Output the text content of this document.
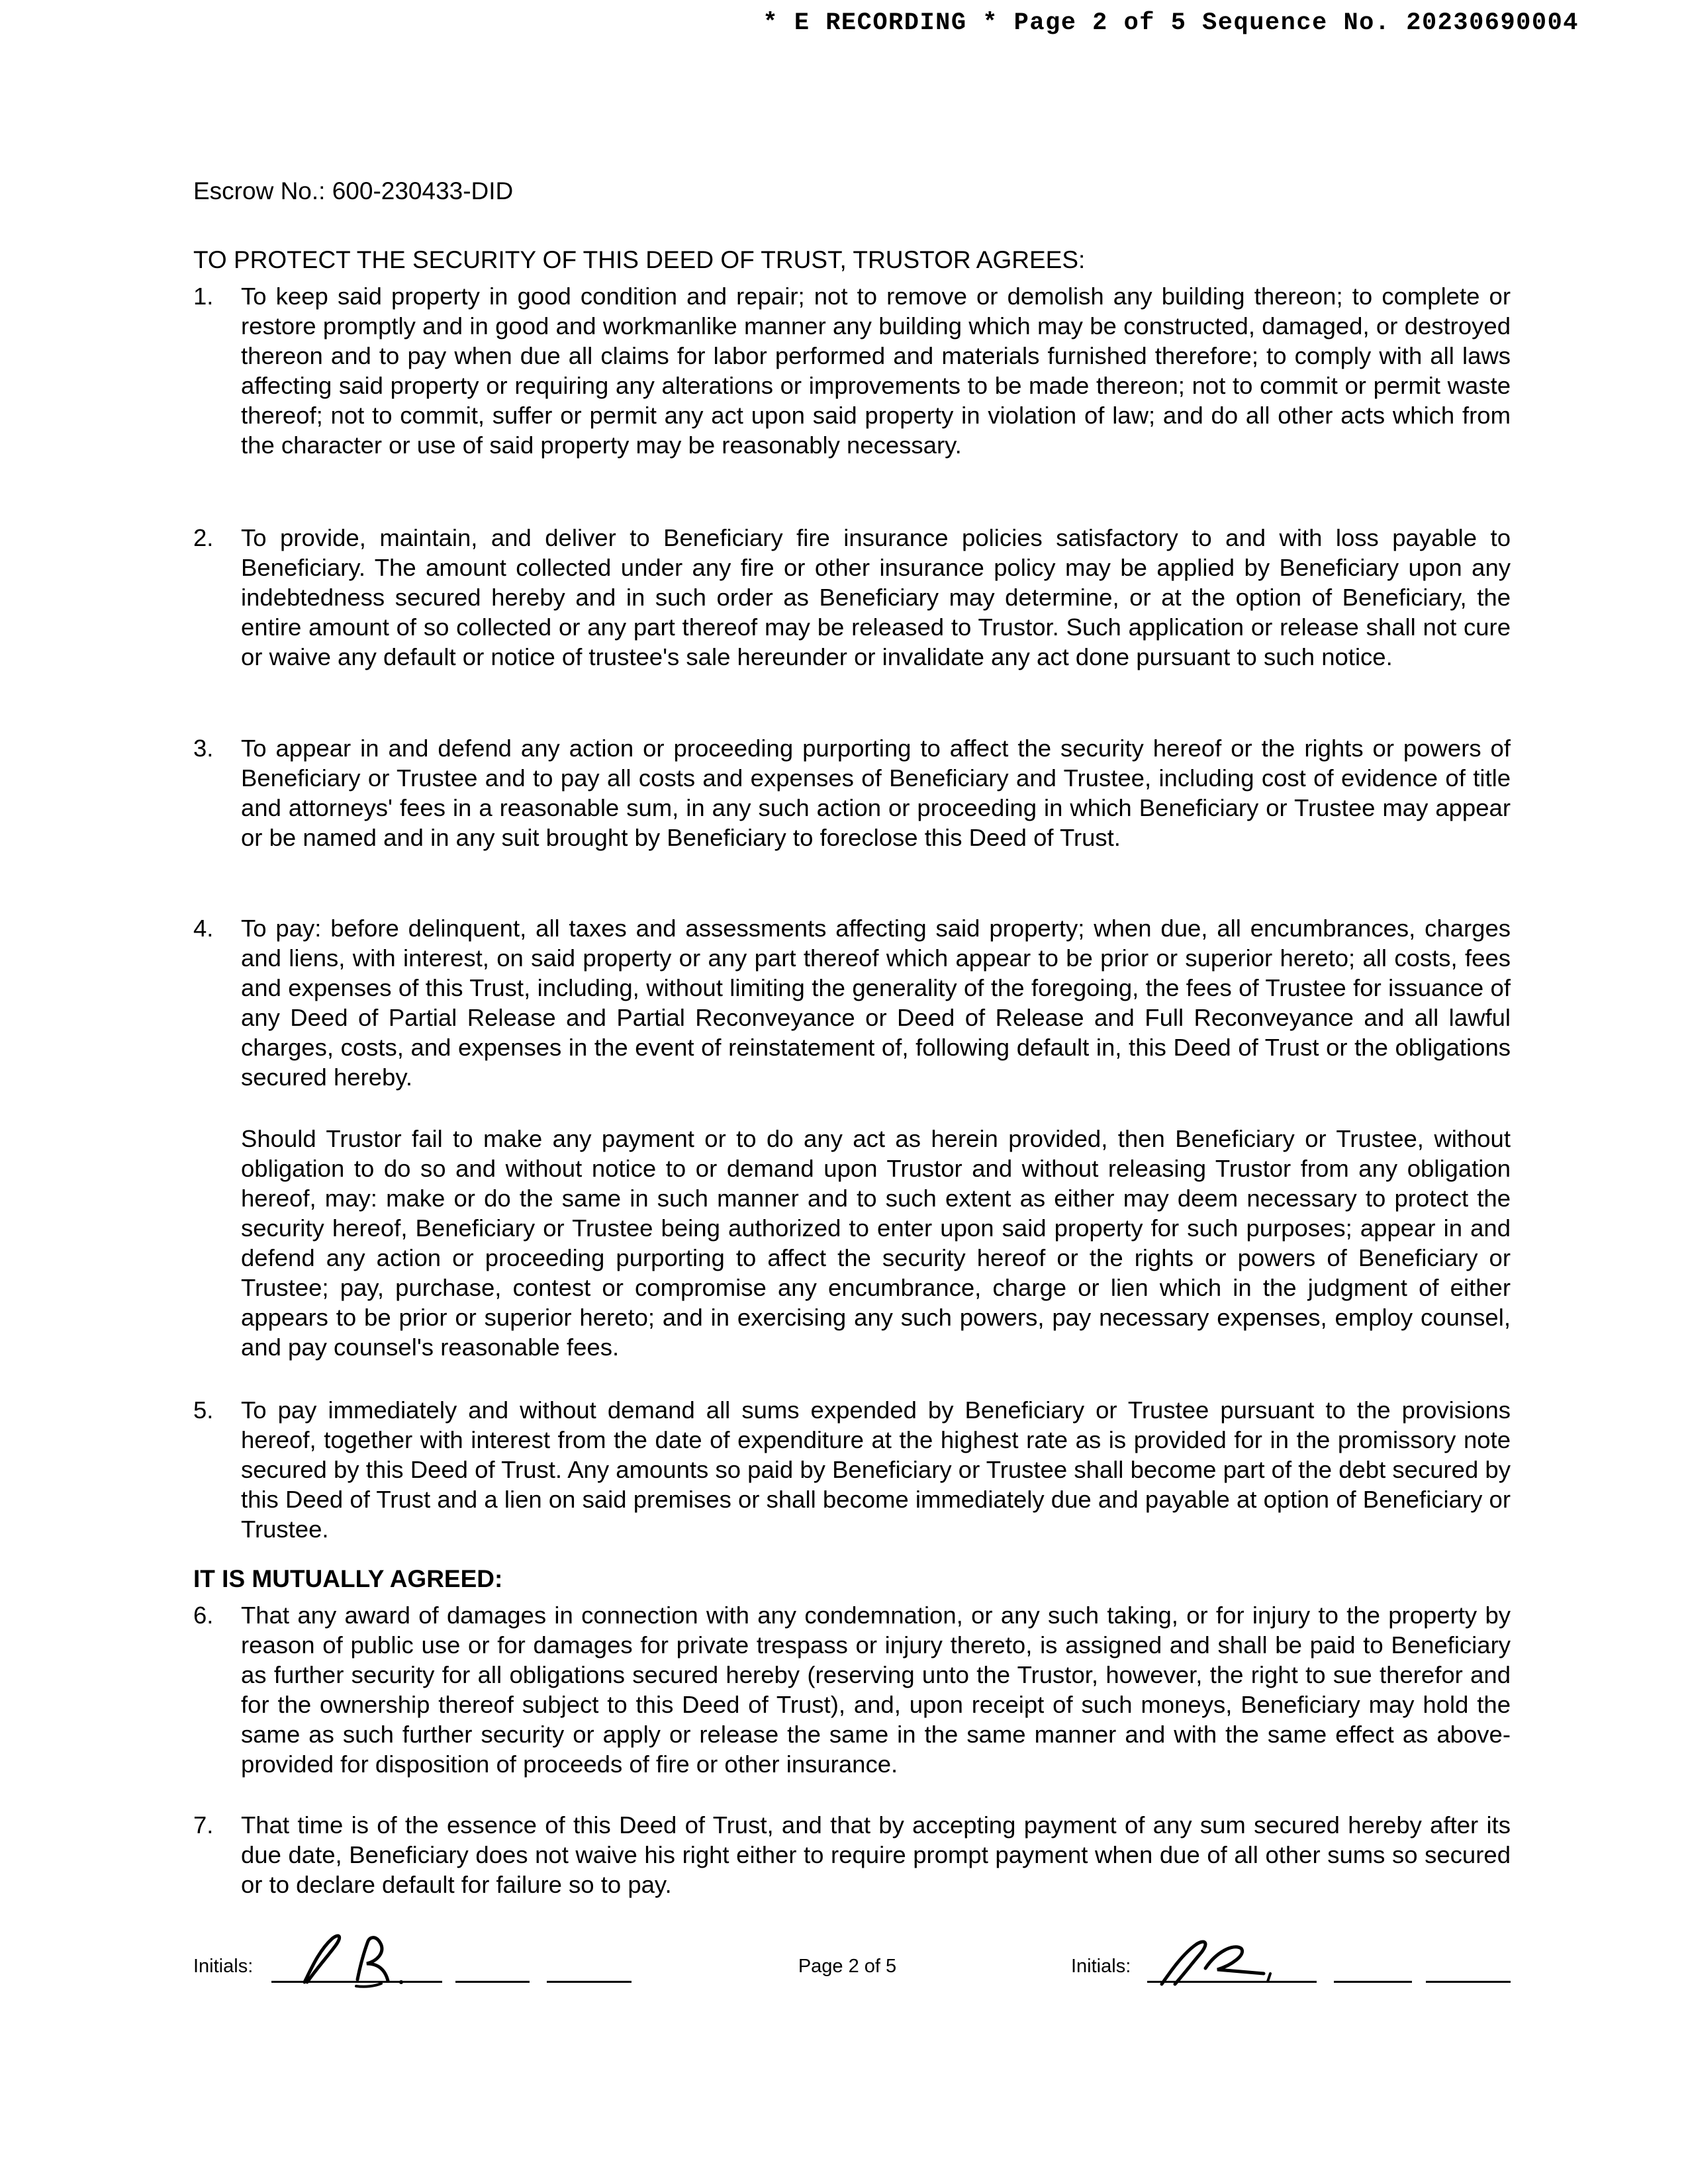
* E RECORDING * Page 2 of 5 Sequence No. 20230690004
Escrow No.: 600-230433-DID
TO PROTECT THE SECURITY OF THIS DEED OF TRUST, TRUSTOR AGREES:
1. To keep said property in good condition and repair; not to remove or demolish any building thereon; to complete or restore promptly and in good and workmanlike manner any building which may be constructed, damaged, or destroyed thereon and to pay when due all claims for labor performed and materials furnished therefore; to comply with all laws affecting said property or requiring any alterations or improvements to be made thereon; not to commit or permit waste thereof; not to commit, suffer or permit any act upon said property in violation of law; and do all other acts which from the character or use of said property may be reasonably necessary.
2. To provide, maintain, and deliver to Beneficiary fire insurance policies satisfactory to and with loss payable to Beneficiary. The amount collected under any fire or other insurance policy may be applied by Beneficiary upon any indebtedness secured hereby and in such order as Beneficiary may determine, or at the option of Beneficiary, the entire amount of so collected or any part thereof may be released to Trustor. Such application or release shall not cure or waive any default or notice of trustee's sale hereunder or invalidate any act done pursuant to such notice.
3. To appear in and defend any action or proceeding purporting to affect the security hereof or the rights or powers of Beneficiary or Trustee and to pay all costs and expenses of Beneficiary and Trustee, including cost of evidence of title and attorneys' fees in a reasonable sum, in any such action or proceeding in which Beneficiary or Trustee may appear or be named and in any suit brought by Beneficiary to foreclose this Deed of Trust.
4. To pay: before delinquent, all taxes and assessments affecting said property; when due, all encumbrances, charges and liens, with interest, on said property or any part thereof which appear to be prior or superior hereto; all costs, fees and expenses of this Trust, including, without limiting the generality of the foregoing, the fees of Trustee for issuance of any Deed of Partial Release and Partial Reconveyance or Deed of Release and Full Reconveyance and all lawful charges, costs, and expenses in the event of reinstatement of, following default in, this Deed of Trust or the obligations secured hereby.
Should Trustor fail to make any payment or to do any act as herein provided, then Beneficiary or Trustee, without obligation to do so and without notice to or demand upon Trustor and without releasing Trustor from any obligation hereof, may: make or do the same in such manner and to such extent as either may deem necessary to protect the security hereof, Beneficiary or Trustee being authorized to enter upon said property for such purposes; appear in and defend any action or proceeding purporting to affect the security hereof or the rights or powers of Beneficiary or Trustee; pay, purchase, contest or compromise any encumbrance, charge or lien which in the judgment of either appears to be prior or superior hereto; and in exercising any such powers, pay necessary expenses, employ counsel, and pay counsel's reasonable fees.
5. To pay immediately and without demand all sums expended by Beneficiary or Trustee pursuant to the provisions hereof, together with interest from the date of expenditure at the highest rate as is provided for in the promissory note secured by this Deed of Trust. Any amounts so paid by Beneficiary or Trustee shall become part of the debt secured by this Deed of Trust and a lien on said premises or shall become immediately due and payable at option of Beneficiary or Trustee.
IT IS MUTUALLY AGREED:
6. That any award of damages in connection with any condemnation, or any such taking, or for injury to the property by reason of public use or for damages for private trespass or injury thereto, is assigned and shall be paid to Beneficiary as further security for all obligations secured hereby (reserving unto the Trustor, however, the right to sue therefor and for the ownership thereof subject to this Deed of Trust), and, upon receipt of such moneys, Beneficiary may hold the same as such further security or apply or release the same in the same manner and with the same effect as above-provided for disposition of proceeds of fire or other insurance.
7. That time is of the essence of this Deed of Trust, and that by accepting payment of any sum secured hereby after its due date, Beneficiary does not waive his right either to require prompt payment when due of all other sums so secured or to declare default for failure so to pay.
Initials:	Page 2 of 5	Initials:
